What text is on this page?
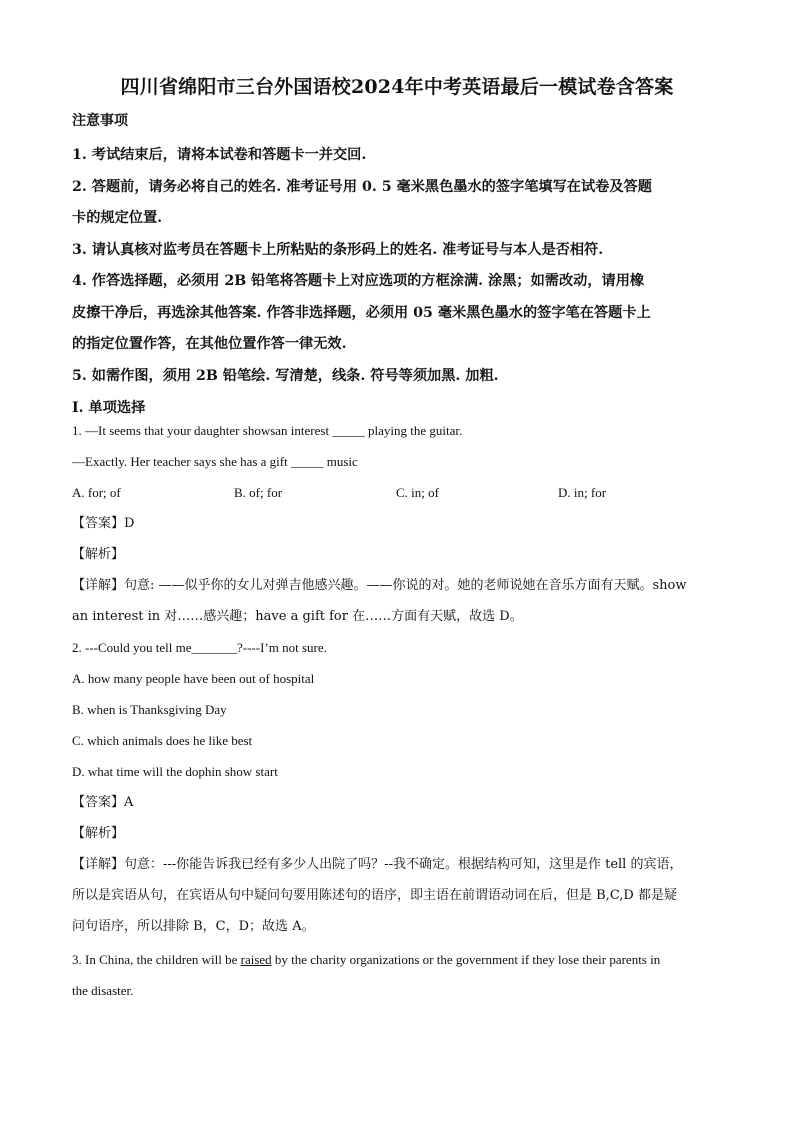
四川省绵阳市三台外国语校2024年中考英语最后一模试卷含答案
注意事项

1. 考试结束后，请将本试卷和答题卡一并交回.

2. 答题前，请务必将自己的姓名. 准考证号用 0. 5 毫米黑色墨水的签字笔填写在试卷及答题

卡的规定位置.

3. 请认真核对监考员在答题卡上所粘贴的条形码上的姓名. 准考证号与本人是否相符.

4. 作答选择题，必须用 2B 铅笔将答题卡上对应选项的方框涂满. 涂黑；如需改动，请用橡

皮擦干净后，再选涂其他答案. 作答非选择题，必须用 05 毫米黑色墨水的签字笔在答题卡上

的指定位置作答，在其他位置作答一律无效.

5. 如需作图，须用 2B 铅笔绘. 写清楚，线条. 符号等须加黑. 加粗.

Ⅰ. 单项选择

1. —It seems that your daughter showsan interest _____ playing the guitar.

—Exactly. Her teacher says she has a gift _____ music

A. for; of	B. of; for	C. in; of	D. in; for
【答案】D
【解析】

【详解】句意: ——似乎你的女儿对弹吉他感兴趣。——你说的对。她的老师说她在音乐方面有天赋。show

an interest in 对……感兴趣；have a gift for 在……方面有天赋，故选 D。

2. ---Could you tell me_______?----I’m not sure.

A. how many people have been out of hospital

B. when is Thanksgiving Day

C. which animals does he like best

D. what time will the dophin show start

【答案】A
【解析】

【详解】句意：---你能告诉我已经有多少人出院了吗？--我不确定。根据结构可知，这里是作 tell 的宾语，

所以是宾语从句，在宾语从句中疑问句要用陈述句的语序，即主语在前谓语动词在后，但是 B,C,D 都是疑

问句语序，所以排除 B，C，D；故选 A。

3. In China, the children will be raised by the charity organizations or the government if they lose their parents in

the disaster.
